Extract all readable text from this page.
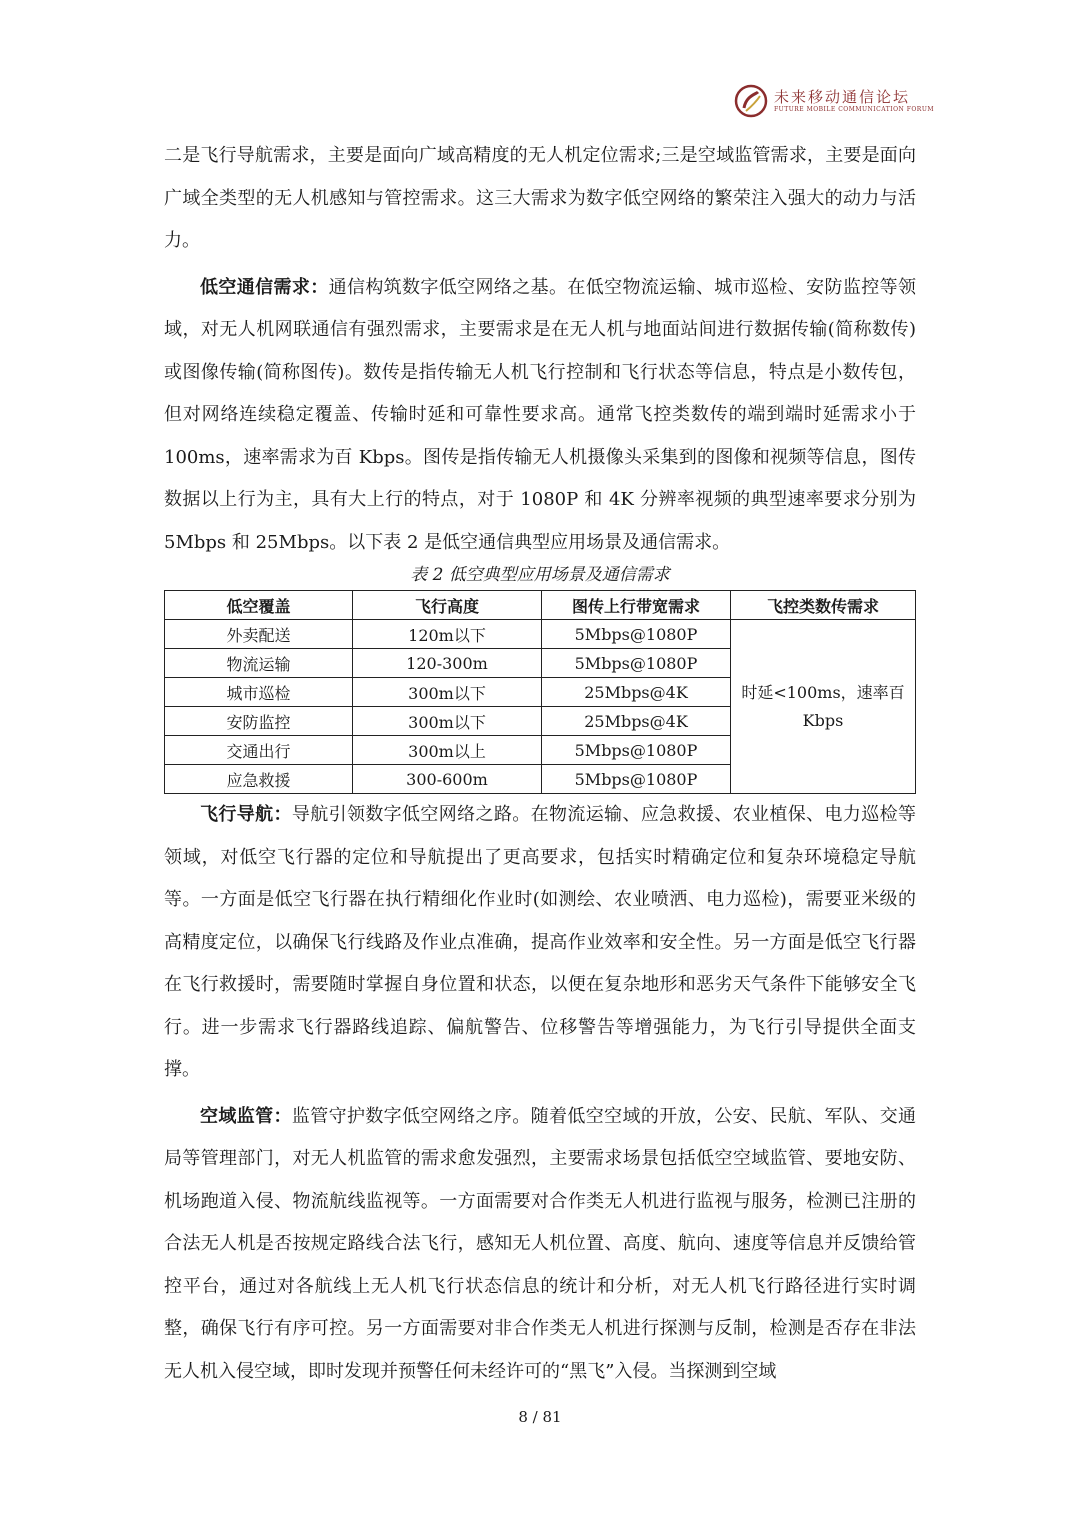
未来移动通信论坛
FUTURE MOBILE COMMUNICATION FORUM

二是飞行导航需求，主要是面向广域高精度的无人机定位需求;三是空域监管需求，主要是面向广域全类型的无人机感知与管控需求。这三大需求为数字低空网络的繁荣注入强大的动力与活力。

低空通信需求：通信构筑数字低空网络之基。在低空物流运输、城市巡检、安防监控等领域，对无人机网联通信有强烈需求，主要需求是在无人机与地面站间进行数据传输(简称数传)或图像传输(简称图传)。数传是指传输无人机飞行控制和飞行状态等信息，特点是小数传包，但对网络连续稳定覆盖、传输时延和可靠性要求高。通常飞控类数传的端到端时延需求小于 100ms，速率需求为百 Kbps。图传是指传输无人机摄像头采集到的图像和视频等信息，图传数据以上行为主，具有大上行的特点，对于 1080P 和 4K 分辨率视频的典型速率要求分别为 5Mbps 和 25Mbps。以下表 2 是低空通信典型应用场景及通信需求。

表 2 低空典型应用场景及通信需求
低空覆盖	飞行高度	图传上行带宽需求	飞控类数传需求
外卖配送	120m以下	5Mbps@1080P	时延<100ms，速率百 Kbps
物流运输	120-300m	5Mbps@1080P	
城市巡检	300m以下	25Mbps@4K	
安防监控	300m以下	25Mbps@4K	
交通出行	300m以上	5Mbps@1080P	
应急救援	300-600m	5Mbps@1080P	

飞行导航：导航引领数字低空网络之路。在物流运输、应急救援、农业植保、电力巡检等领域，对低空飞行器的定位和导航提出了更高要求，包括实时精确定位和复杂环境稳定导航等。一方面是低空飞行器在执行精细化作业时(如测绘、农业喷洒、电力巡检)，需要亚米级的高精度定位，以确保飞行线路及作业点准确，提高作业效率和安全性。另一方面是低空飞行器在飞行救援时，需要随时掌握自身位置和状态，以便在复杂地形和恶劣天气条件下能够安全飞行。进一步需求飞行器路线追踪、偏航警告、位移警告等增强能力，为飞行引导提供全面支撑。

空域监管：监管守护数字低空网络之序。随着低空空域的开放，公安、民航、军队、交通局等管理部门，对无人机监管的需求愈发强烈，主要需求场景包括低空空域监管、要地安防、机场跑道入侵、物流航线监视等。一方面需要对合作类无人机进行监视与服务，检测已注册的合法无人机是否按规定路线合法飞行，感知无人机位置、高度、航向、速度等信息并反馈给管控平台，通过对各航线上无人机飞行状态信息的统计和分析，对无人机飞行路径进行实时调整，确保飞行有序可控。另一方面需要对非合作类无人机进行探测与反制，检测是否存在非法无人机入侵空域，即时发现并预警任何未经许可的“黑飞”入侵。当探测到空域

8 / 81
